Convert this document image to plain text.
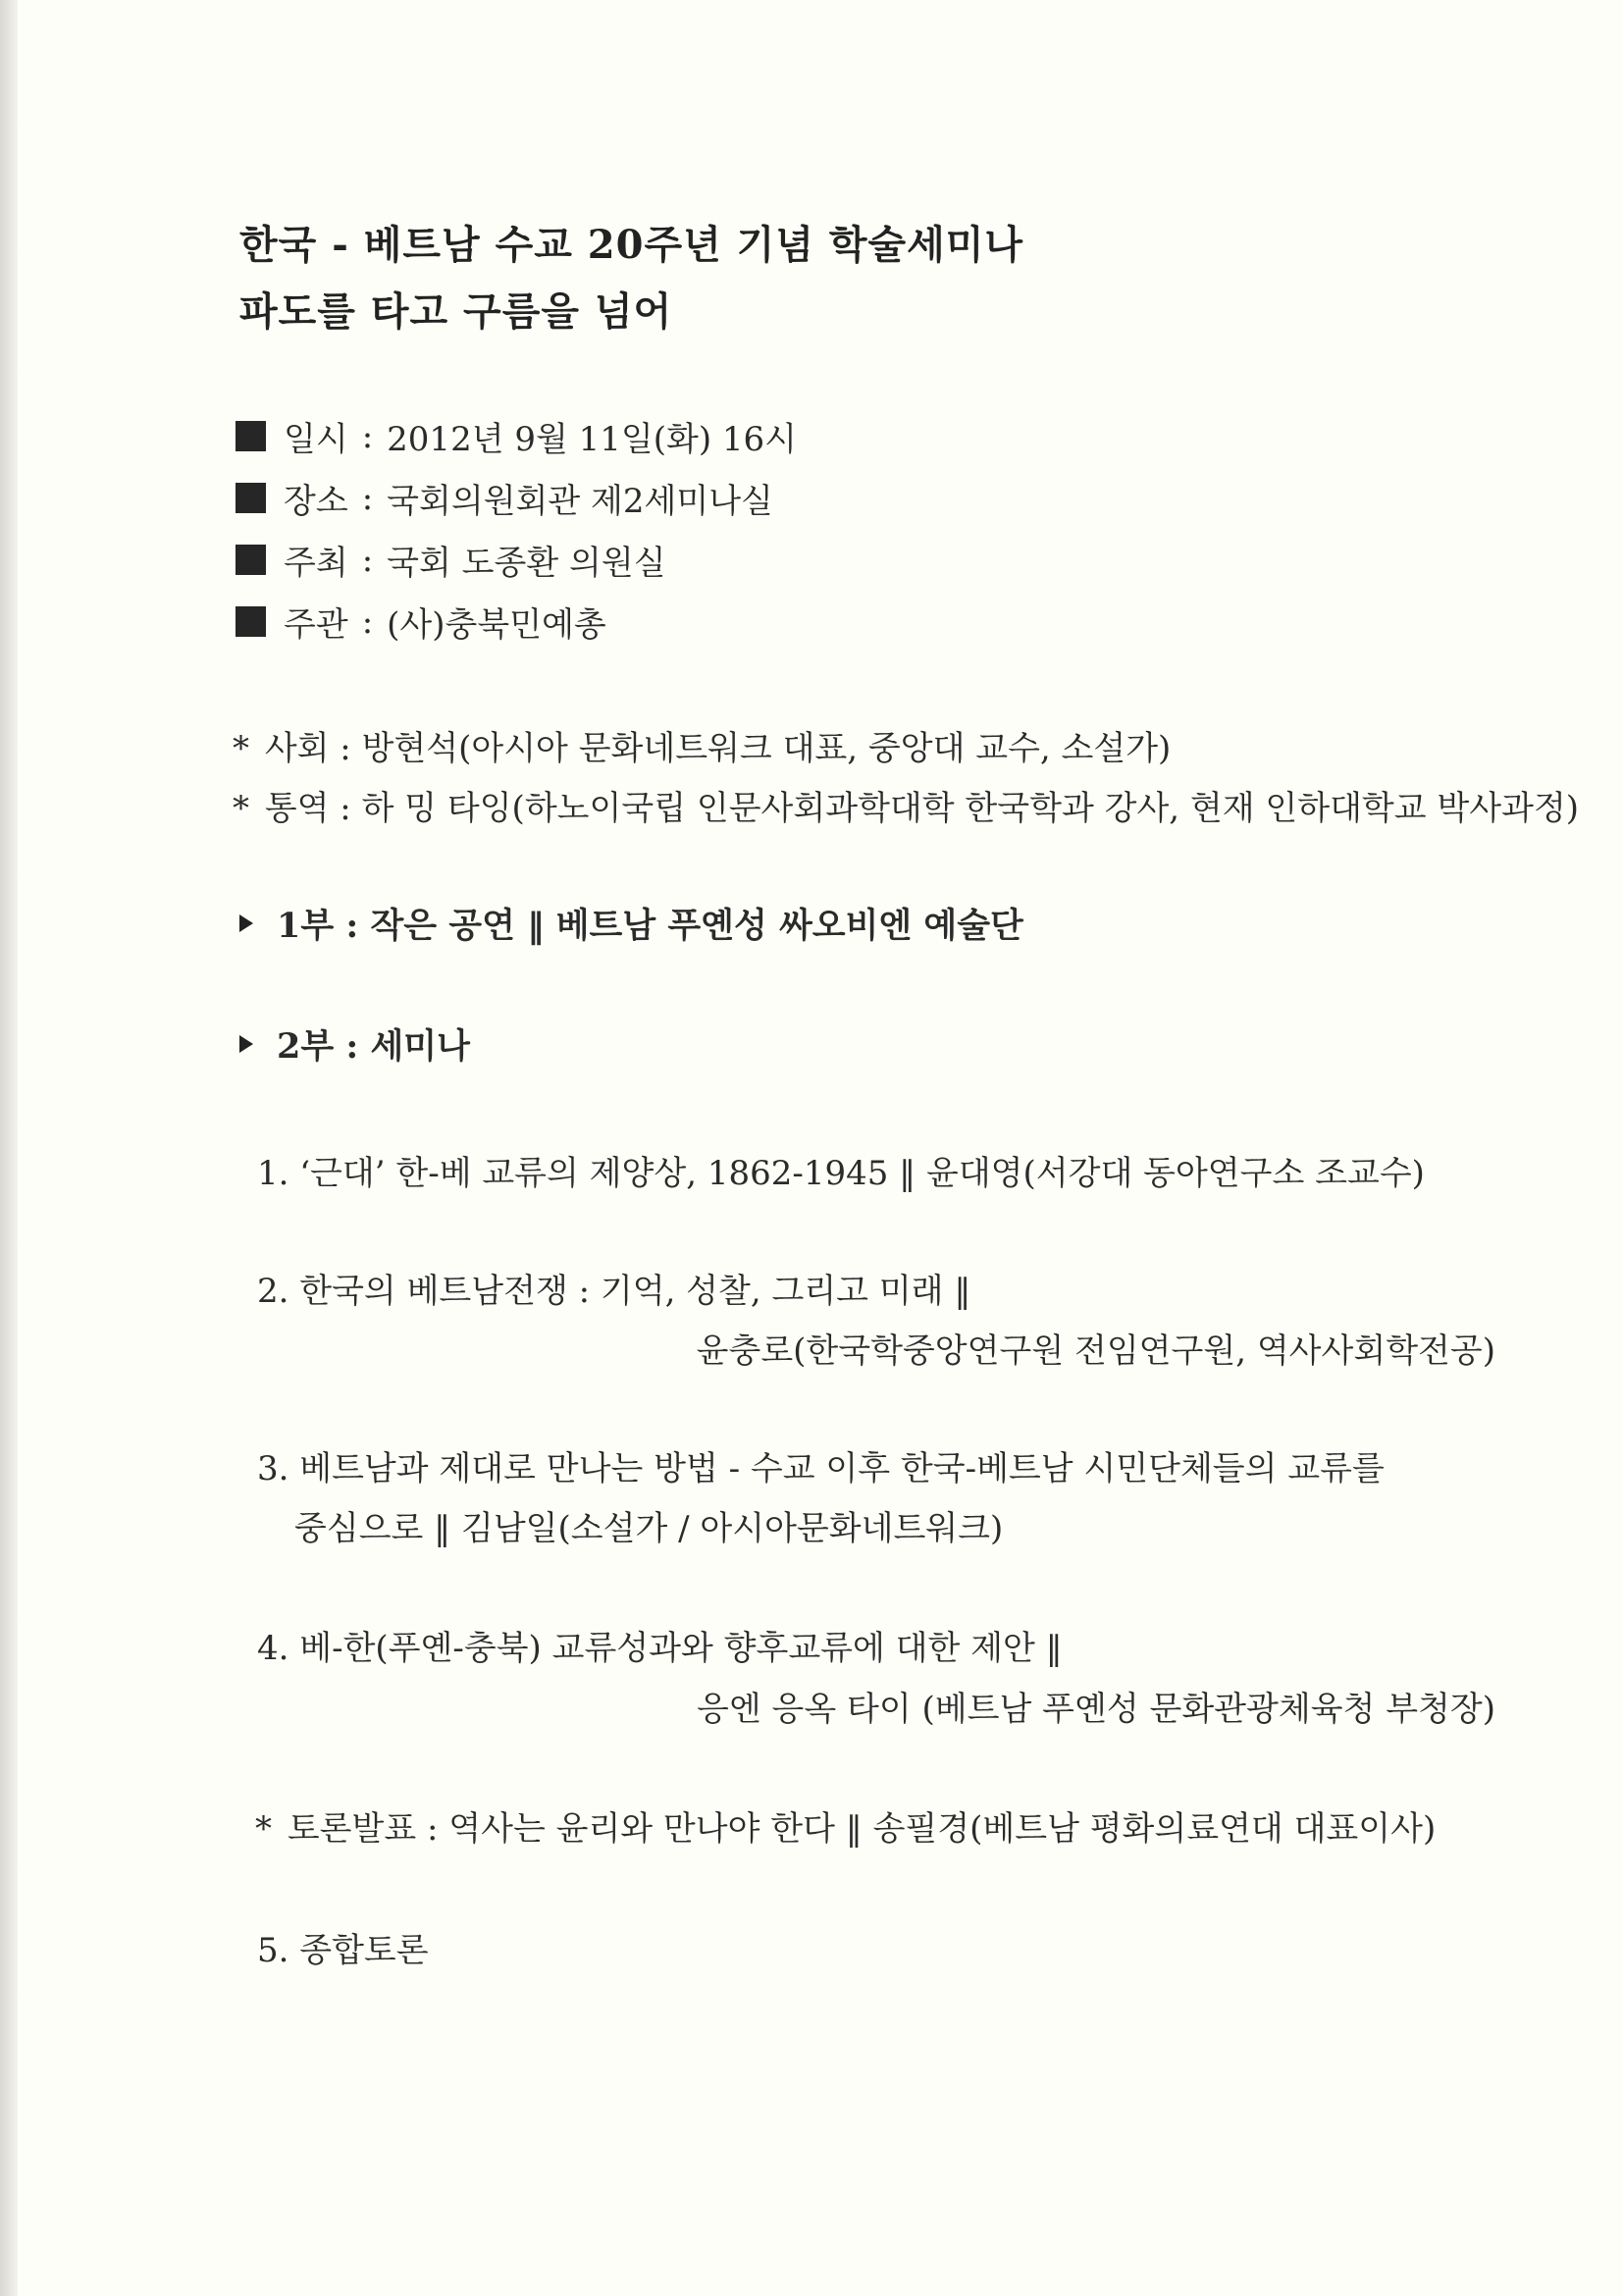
한국 - 베트남 수교 20주년 기념 학술세미나
파도를 타고 구름을 넘어
일시 : 2012년 9월 11일(화) 16시
장소 : 국회의원회관 제2세미나실
주최 : 국회 도종환 의원실
주관 : (사)충북민예총
* 사회 : 방현석(아시아 문화네트워크 대표, 중앙대 교수, 소설가)
* 통역 : 하 밍 타잉(하노이국립 인문사회과학대학 한국학과 강사, 현재 인하대학교 박사과정)
1부 : 작은 공연 ‖ 베트남 푸옌성 싸오비엔 예술단
2부 : 세미나
1. ‘근대’ 한-베 교류의 제양상, 1862-1945 ‖ 윤대영(서강대 동아연구소 조교수)
2. 한국의 베트남전쟁 : 기억, 성찰, 그리고 미래 ‖
윤충로(한국학중앙연구원 전임연구원, 역사사회학전공)
3. 베트남과 제대로 만나는 방법 - 수교 이후 한국-베트남 시민단체들의 교류를
중심으로 ‖ 김남일(소설가 / 아시아문화네트워크)
4. 베-한(푸옌-충북) 교류성과와 향후교류에 대한 제안 ‖
응엔 응옥 타이 (베트남 푸옌성 문화관광체육청 부청장)
* 토론발표 : 역사는 윤리와 만나야 한다 ‖ 송필경(베트남 평화의료연대 대표이사)
5. 종합토론
